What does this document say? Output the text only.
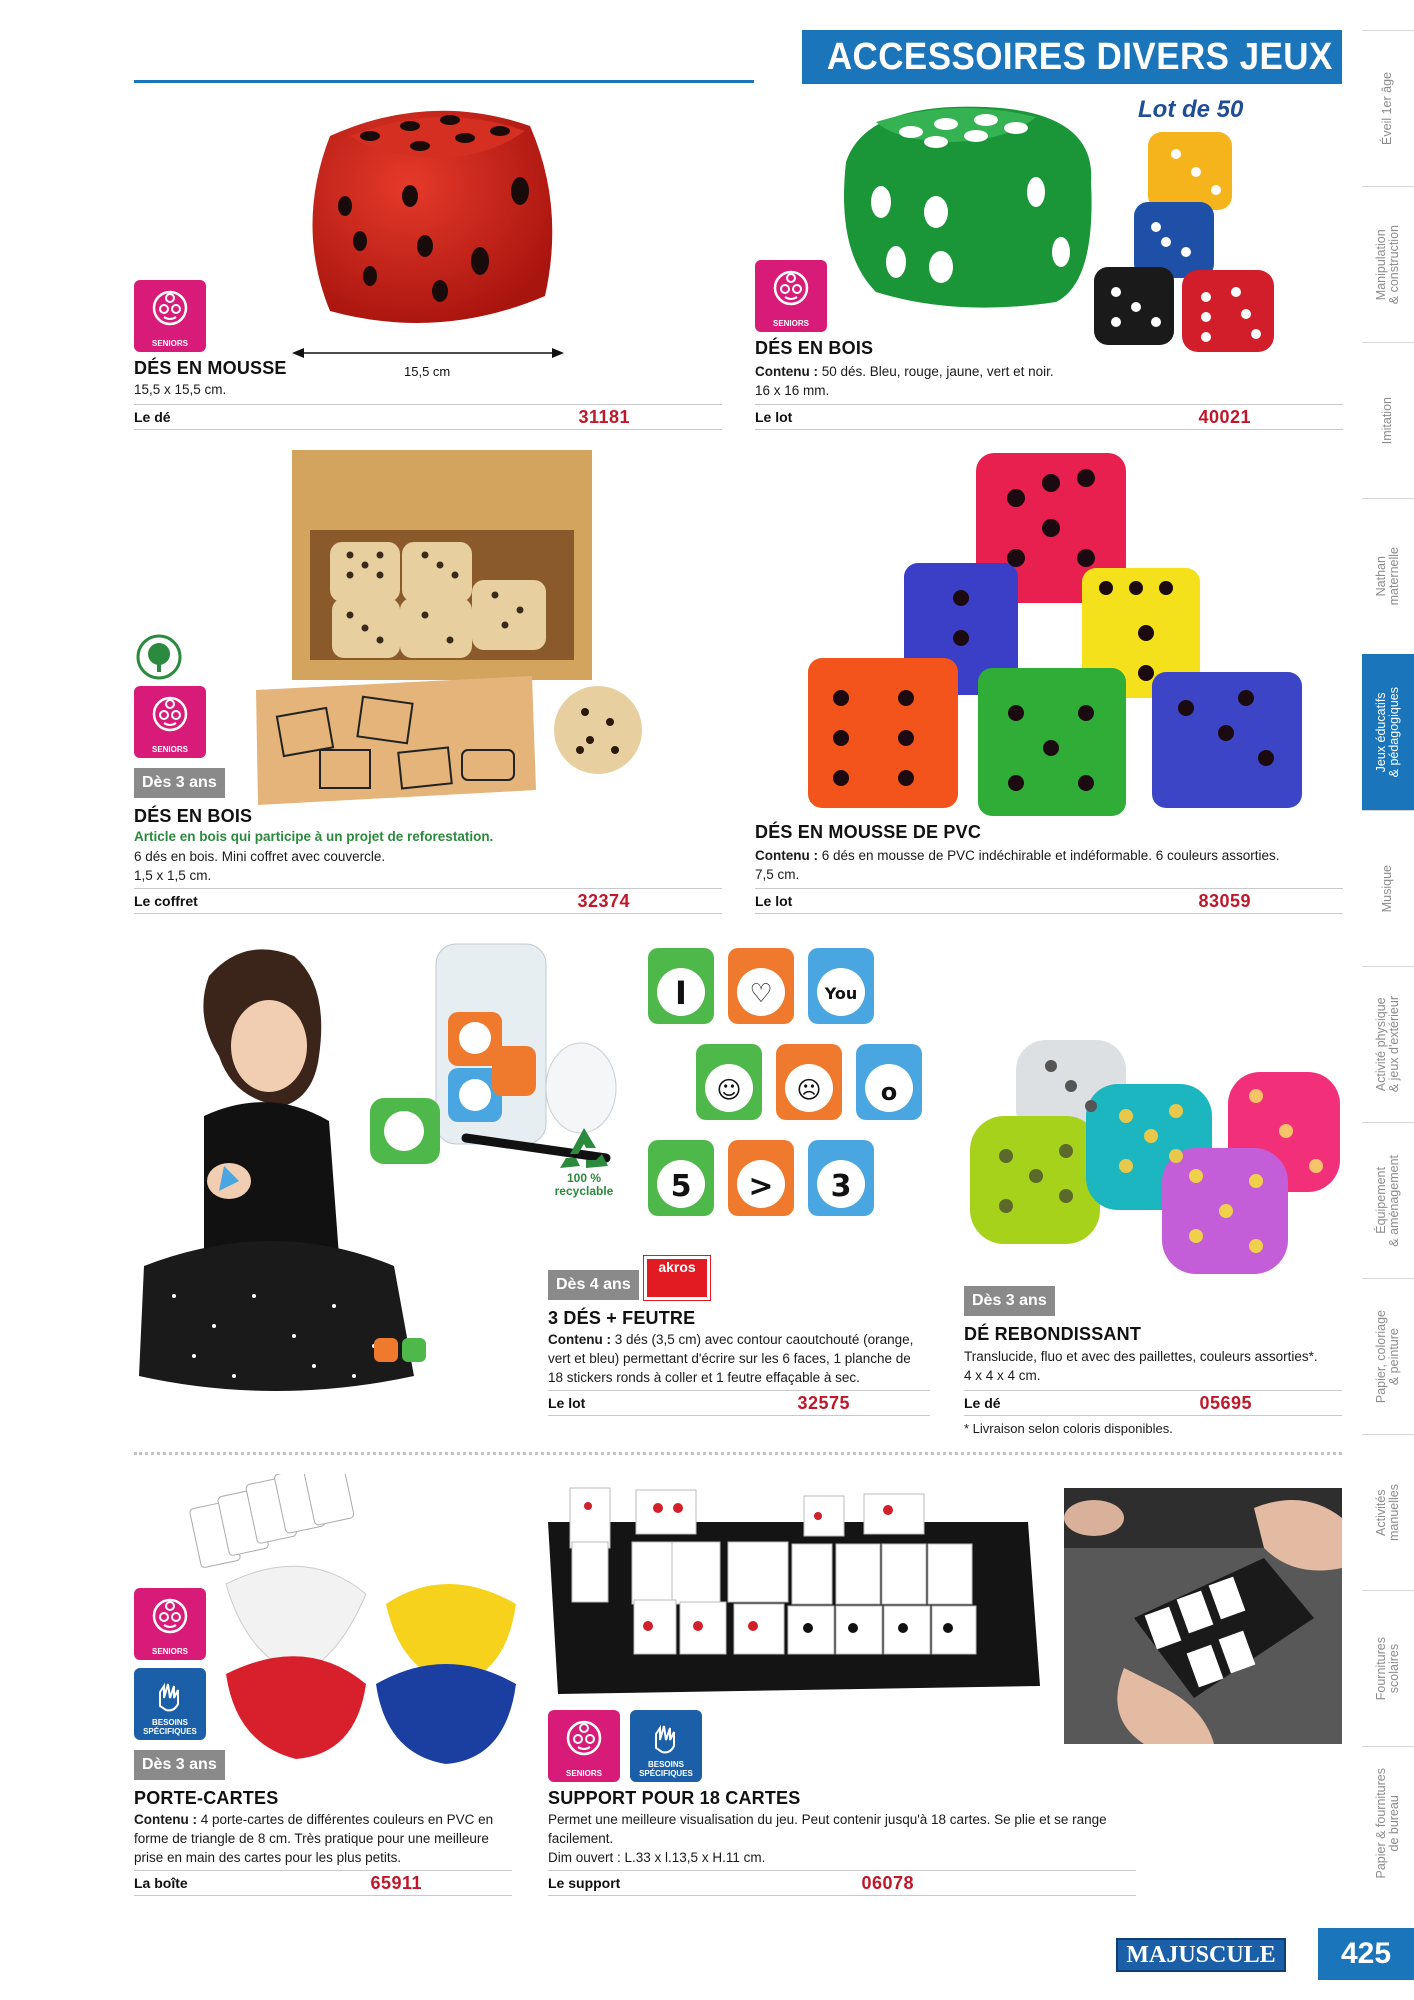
ACCESSOIRES DIVERS JEUX
Éveil 1er âge
Manipulation
& construction
Imitation
Nathan
maternelle
Jeux éducatifs
& pédagogiques
Musique
Activité physique
& jeux d'extérieur
Équipement
& aménagement
Papier, coloriage
& peinture
Activités
manuelles
Fournitures
scolaires
Papier & fournitures
de bureau
15,5 cm
SENIORS
DÉS EN MOUSSE
15,5 x 15,5 cm.
Le dé	31181
Lot de 50
SENIORS
DÉS EN BOIS
Contenu : 50 dés. Bleu, rouge, jaune, vert et noir.
16 x 16 mm.
Le lot	40021
SENIORS
Dès 3 ans
DÉS EN BOIS
Article en bois qui participe à un projet de reforestation.
6 dés en bois. Mini coffret avec couvercle.
1,5 x 1,5 cm.
Le coffret	32374
DÉS EN MOUSSE DE PVC
Contenu : 6 dés en mousse de PVC indéchirable et indéformable. 6 couleurs assorties.
7,5 cm.
Le lot	83059
100 %
recyclable
I ♡	You
☺ ☹ o
5 > 3
akros
Dès 4 ans
3 DÉS + FEUTRE
Contenu : 3 dés (3,5 cm) avec contour caoutchouté (orange,
vert et bleu) permettant d'écrire sur les 6 faces, 1 planche de
18 stickers ronds à coller et 1 feutre effaçable à sec.
Le lot	32575
Dès 3 ans
DÉ REBONDISSANT
Translucide, fluo et avec des paillettes, couleurs assorties*.
4 x 4 x 4 cm.
Le dé	05695
* Livraison selon coloris disponibles.
SENIORS
BESOINS
SPÉCIFIQUES
Dès 3 ans
PORTE-CARTES
Contenu : 4 porte-cartes de différentes couleurs en PVC en
forme de triangle de 8 cm. Très pratique pour une meilleure
prise en main des cartes pour les plus petits.
La boîte	65911
SENIORS
BESOINS
SPÉCIFIQUES
SUPPORT POUR 18 CARTES
Permet une meilleure visualisation du jeu. Peut contenir jusqu'à 18 cartes. Se plie et se range
facilement.
Dim ouvert : L.33 x l.13,5 x H.11 cm.
Le support	06078
MAJUSCULE	425
